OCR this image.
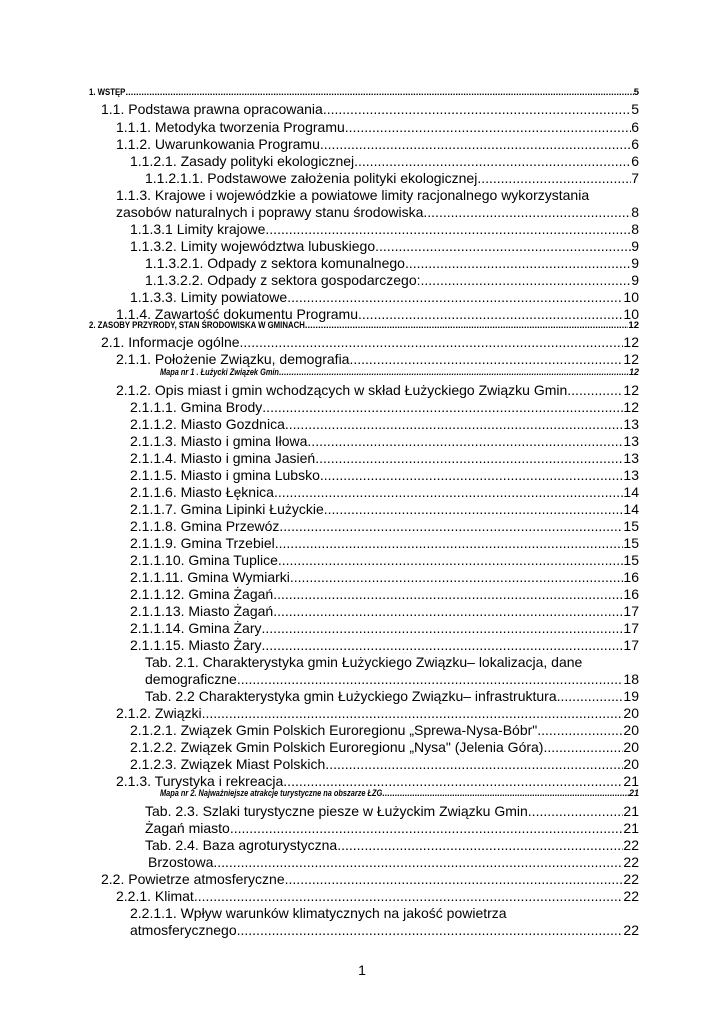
1. WSTĘP .....	5
1.1. Podstawa prawna opracowania .....	5
1.1.1. Metodyka tworzenia Programu .....	6
1.1.2. Uwarunkowania Programu .....	6
1.1.2.1. Zasady polityki ekologicznej .....	6
1.1.2.1.1. Podstawowe założenia polityki ekologicznej .....	7
1.1.3. Krajowe i wojewódzkie a powiatowe limity racjonalnego wykorzystania
zasobów naturalnych i poprawy stanu środowiska .....	8
1.1.3.1 Limity krajowe .....	8
1.1.3.2. Limity województwa lubuskiego .....	9
1.1.3.2.1. Odpady z sektora komunalnego .....	9
1.1.3.2.2. Odpady z sektora gospodarczego: .....	9
1.1.3.3. Limity powiatowe .....	10
1.1.4. Zawartość dokumentu Programu .....	10
2. ZASOBY PRZYRODY, STAN ŚRODOWISKA W GMINACH .....	12
2.1. Informacje ogólne .....	12
2.1.1. Położenie Związku, demografia .....	12
Mapa nr 1 . Łużycki Związek Gmin .....	12
2.1.2. Opis miast i gmin wchodzących w skład Łużyckiego Związku Gmin .....	12
2.1.1.1. Gmina Brody .....	12
2.1.1.2. Miasto Gozdnica. .....	13
2.1.1.3. Miasto i gmina Iłowa .....	13
2.1.1.4. Miasto i gmina Jasień .....	13
2.1.1.5. Miasto i gmina Lubsko .....	13
2.1.1.6. Miasto Łęknica .....	14
2.1.1.7. Gmina Lipinki Łużyckie .....	14
2.1.1.8. Gmina Przewóz .....	15
2.1.1.9. Gmina Trzebiel .....	15
2.1.1.10. Gmina Tuplice .....	15
2.1.1.11. Gmina Wymiarki .....	16
2.1.1.12. Gmina Żagań .....	16
2.1.1.13. Miasto Żagań .....	17
2.1.1.14. Gmina Żary .....	17
2.1.1.15. Miasto Żary .....	17
Tab. 2.1. Charakterystyka gmin Łużyckiego Związku– lokalizacja, dane
demograficzne .....	18
Tab. 2.2 Charakterystyka gmin Łużyckiego Związku– infrastruktura. .....	19
2.1.2. Związki .....	20
2.1.2.1. Związek Gmin Polskich Euroregionu „Sprewa-Nysa-Bóbr". .....	20
2.1.2.2. Związek Gmin Polskich Euroregionu „Nysa" (Jelenia Góra) .....	20
2.1.2.3. Związek Miast Polskich. .....	20
2.1.3. Turystyka i rekreacja .....	21
Mapa nr 2. Najważniejsze atrakcje turystyczne na obszarze ŁZG .....	21
Tab. 2.3. Szlaki turystyczne piesze w Łużyckim Związku Gmin .....	21
Żagań miasto .....	21
Tab. 2.4. Baza agroturystyczna .....	22
Brzostowa .....	22
2.2. Powietrze atmosferyczne .....	22
2.2.1. Klimat .....	22
2.2.1.1. Wpływ warunków klimatycznych na jakość powietrza
atmosferycznego .....	22
1
